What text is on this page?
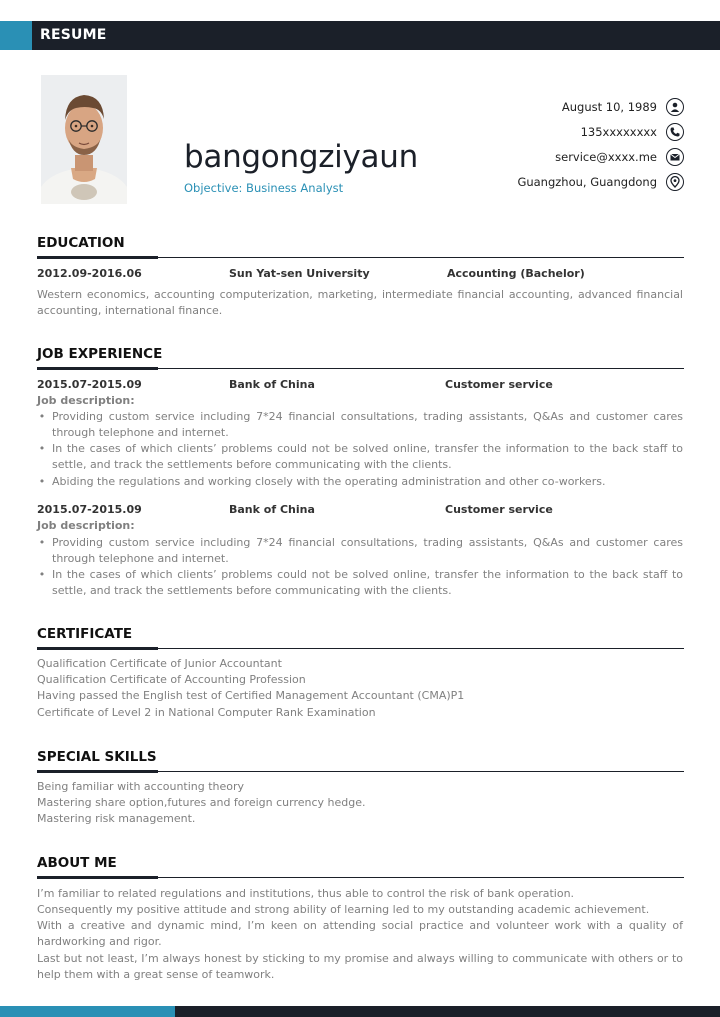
RESUME
bangongziyaun
Objective: Business Analyst
August 10, 1989
135xxxxxxxx
service@xxxx.me
Guangzhou, Guangdong
EDUCATION
2012.09-2016.06	Sun Yat-sen University	Accounting (Bachelor)
Western economics, accounting computerization, marketing, intermediate financial accounting, advanced financial accounting, international finance.
JOB EXPERIENCE
2015.07-2015.09	Bank of China	Customer service
Job description:
• Providing custom service including 7*24 financial consultations, trading assistants, Q&As and customer cares through telephone and internet.
• In the cases of which clients’ problems could not be solved online, transfer the information to the back staff to settle, and track the settlements before communicating with the clients.
• Abiding the regulations and working closely with the operating administration and other co-workers.
2015.07-2015.09	Bank of China	Customer service
Job description:
• Providing custom service including 7*24 financial consultations, trading assistants, Q&As and customer cares through telephone and internet.
• In the cases of which clients’ problems could not be solved online, transfer the information to the back staff to settle, and track the settlements before communicating with the clients.
CERTIFICATE
Qualification Certificate of Junior Accountant
Qualification Certificate of Accounting Profession
Having passed the English test of Certified Management Accountant (CMA)P1
Certificate of Level 2 in National Computer Rank Examination
SPECIAL SKILLS
Being familiar with accounting theory
Mastering share option,futures and foreign currency hedge.
Mastering risk management.
ABOUT ME
I’m familiar to related regulations and institutions, thus able to control the risk of bank operation.
Consequently my positive attitude and strong ability of learning led to my outstanding academic achievement.
With a creative and dynamic mind, I’m keen on attending social practice and volunteer work with a quality of hardworking and rigor.
Last but not least, I’m always honest by sticking to my promise and always willing to communicate with others or to help them with a great sense of teamwork.
